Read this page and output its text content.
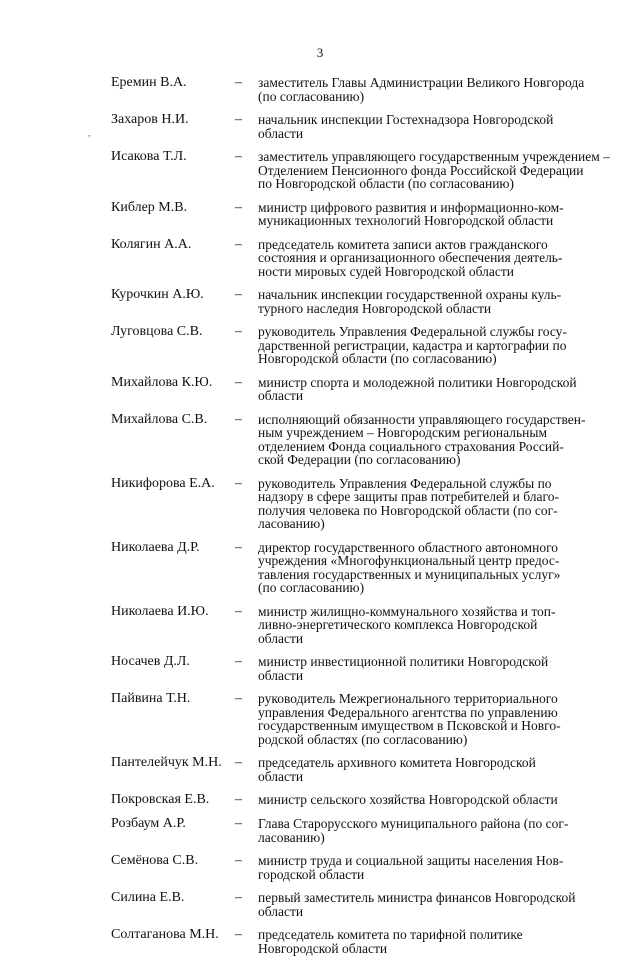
3
,
Еремин В.А.	–	заместитель Главы Администрации Великого Новгорода
(по согласованию)
Захаров Н.И.	–	начальник инспекции Гостехнадзора Новгородской
области
Исакова Т.Л.	–	заместитель управляющего государственным учреждением –
Отделением Пенсионного фонда Российской Федерации
по Новгородской области (по согласованию)
Киблер М.В.	–	министр цифрового развития и информационно-ком-
муникационных технологий Новгородской области
Колягин А.А.	–	председатель комитета записи актов гражданского
состояния и организационного обеспечения деятель-
ности мировых судей Новгородской области
Курочкин А.Ю.	–	начальник инспекции государственной охраны куль-
турного наследия Новгородской области
Луговцова С.В.	–	руководитель Управления Федеральной службы госу-
дарственной регистрации, кадастра и картографии по
Новгородской области (по согласованию)
Михайлова К.Ю.	–	министр спорта и молодежной политики Новгородской
области
Михайлова С.В.	–	исполняющий обязанности управляющего государствен-
ным учреждением – Новгородским региональным
отделением Фонда социального страхования Россий-
ской Федерации (по согласованию)
Никифорова Е.А.	–	руководитель Управления Федеральной службы по
надзору в сфере защиты прав потребителей и благо-
получия человека по Новгородской области (по сог-
ласованию)
Николаева Д.Р.	–	директор государственного областного автономного
учреждения «Многофункциональный центр предос-
тавления государственных и муниципальных услуг»
(по согласованию)
Николаева И.Ю.	–	министр жилищно-коммунального хозяйства и топ-
ливно-энергетического комплекса Новгородской
области
Носачев Д.Л.	–	министр инвестиционной политики Новгородской
области
Пайвина Т.Н.	–	руководитель Межрегионального территориального
управления Федерального агентства по управлению
государственным имуществом в Псковской и Новго-
родской областях (по согласованию)
Пантелейчук М.Н. –	председатель архивного комитета Новгородской
области
Покровская Е.В.	–	министр сельского хозяйства Новгородской области
Розбаум А.Р.	–	Глава Старорусского муниципального района (по сог-
ласованию)
Семёнова С.В.	–	министр труда и социальной защиты населения Нов-
городской области
Силина Е.В.	–	первый заместитель министра финансов Новгородской
области
Солтаганова М.Н.	–	председатель комитета по тарифной политике
Новгородской области
